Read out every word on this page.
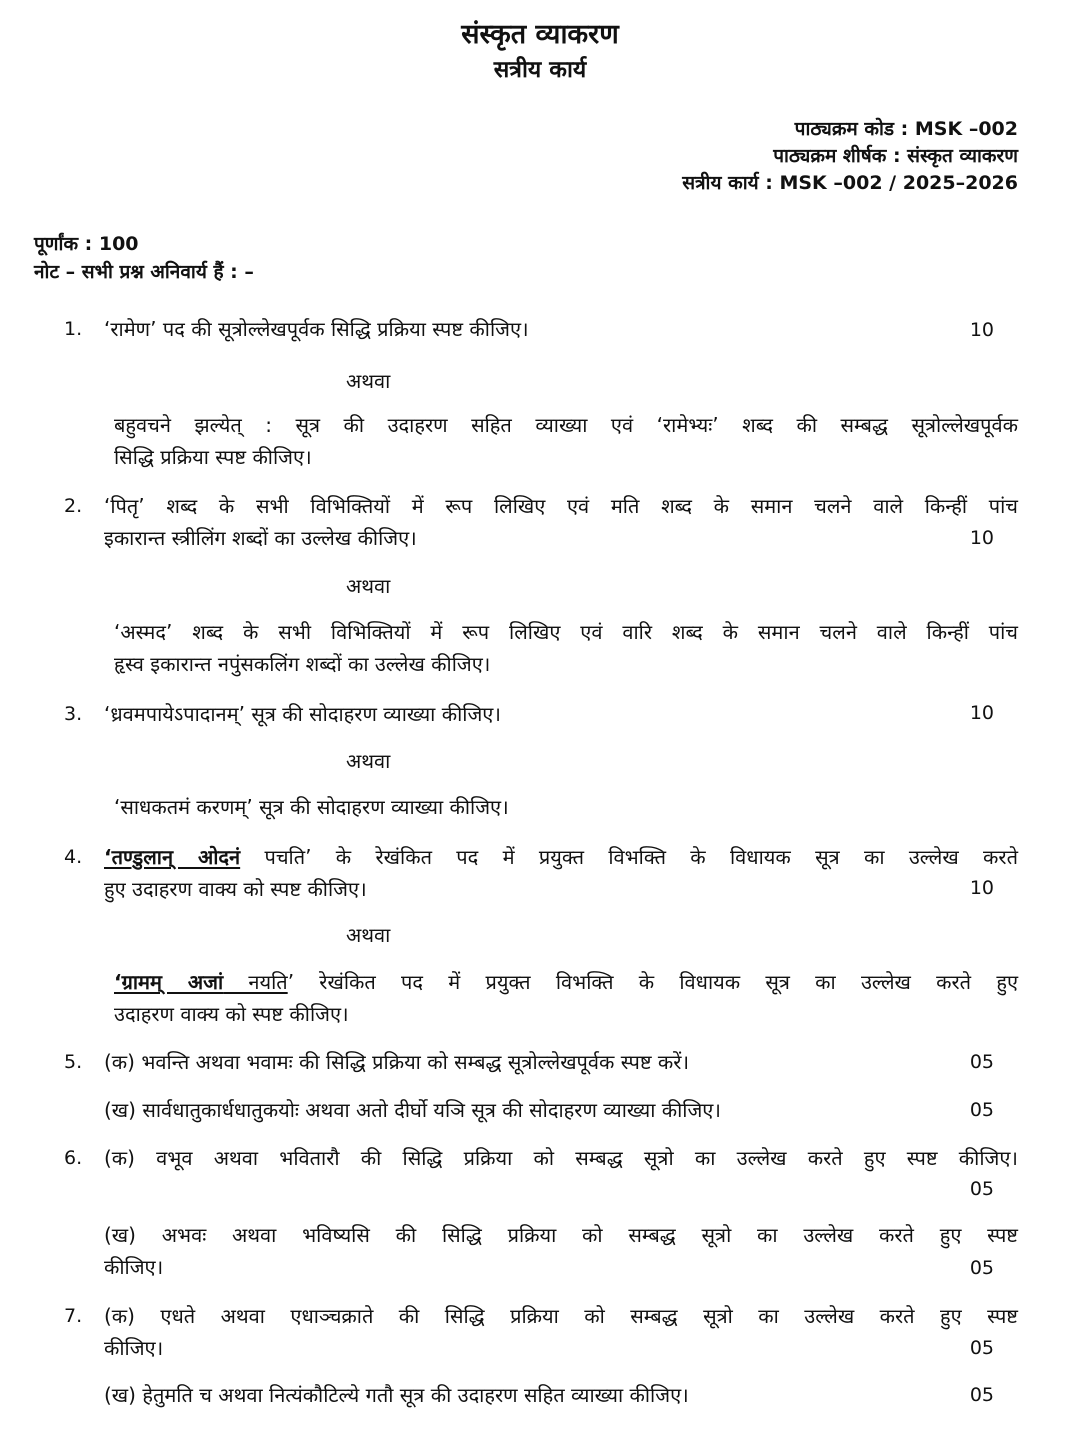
संस्कृत व्याकरण
सत्रीय कार्य
पाठ्यक्रम कोड : MSK –002
पाठ्यक्रम शीर्षक : संस्कृत व्याकरण
सत्रीय कार्य : MSK –002 / 2025–2026
पूर्णांक : 100
नोट – सभी प्रश्न अनिवार्य हैं : –
1. ‘रामेण’ पद की सूत्रोल्लेखपूर्वक सिद्धि प्रक्रिया स्पष्ट कीजिए।	10
अथवा
बहुवचने झल्येत् : सूत्र की उदाहरण सहित व्याख्या एवं ‘रामेभ्यः’ शब्द की सम्बद्ध सूत्रोल्लेखपूर्वक
सिद्धि प्रक्रिया स्पष्ट कीजिए।
2. ‘पितृ’ शब्द के सभी विभिक्तियों में रूप लिखिए एवं मति शब्द के समान चलने वाले किन्हीं पांच
इकारान्त स्त्रीलिंग शब्दों का उल्लेख कीजिए।	10
अथवा
‘अस्मद’ शब्द के सभी विभिक्तियों में रूप लिखिए एवं वारि शब्द के समान चलने वाले किन्हीं पांच
हृस्व इकारान्त नपुंसकलिंग शब्दों का उल्लेख कीजिए।
3. ‘ध्रवमपायेऽपादानम्’ सूत्र की सोदाहरण व्याख्या कीजिए।	10
अथवा
‘साधकतमं करणम्’ सूत्र की सोदाहरण व्याख्या कीजिए।
4. ‘तण्डुलान् ओदनं पचति’ के रेखंकित पद में प्रयुक्त विभक्ति के विधायक सूत्र का उल्लेख करते
हुए उदाहरण वाक्य को स्पष्ट कीजिए।	10
अथवा
‘ग्रामम् अजां नयति’ रेखंकित पद में प्रयुक्त विभक्ति के विधायक सूत्र का उल्लेख करते हुए
उदाहरण वाक्य को स्पष्ट कीजिए।
5. (क) भवन्ति अथवा भवामः की सिद्धि प्रक्रिया को सम्बद्ध सूत्रोल्लेखपूर्वक स्पष्ट करें।	05
(ख) सार्वधातुकार्धधातुकयोः अथवा अतो दीर्घो यञि सूत्र की सोदाहरण व्याख्या कीजिए।	05
6. (क) वभूव अथवा भवितारौ की सिद्धि प्रक्रिया को सम्बद्ध सूत्रो का उल्लेख करते हुए स्पष्ट कीजिए।
05
(ख) अभवः अथवा भविष्यसि की सिद्धि प्रक्रिया को सम्बद्ध सूत्रो का उल्लेख करते हुए स्पष्ट
कीजिए।	05
7. (क) एधते अथवा एधाञ्चक्राते की सिद्धि प्रक्रिया को सम्बद्ध सूत्रो का उल्लेख करते हुए स्पष्ट
कीजिए।	05
(ख) हेतुमति च अथवा नित्यंकौटिल्ये गतौ सूत्र की उदाहरण सहित व्याख्या कीजिए।	05
